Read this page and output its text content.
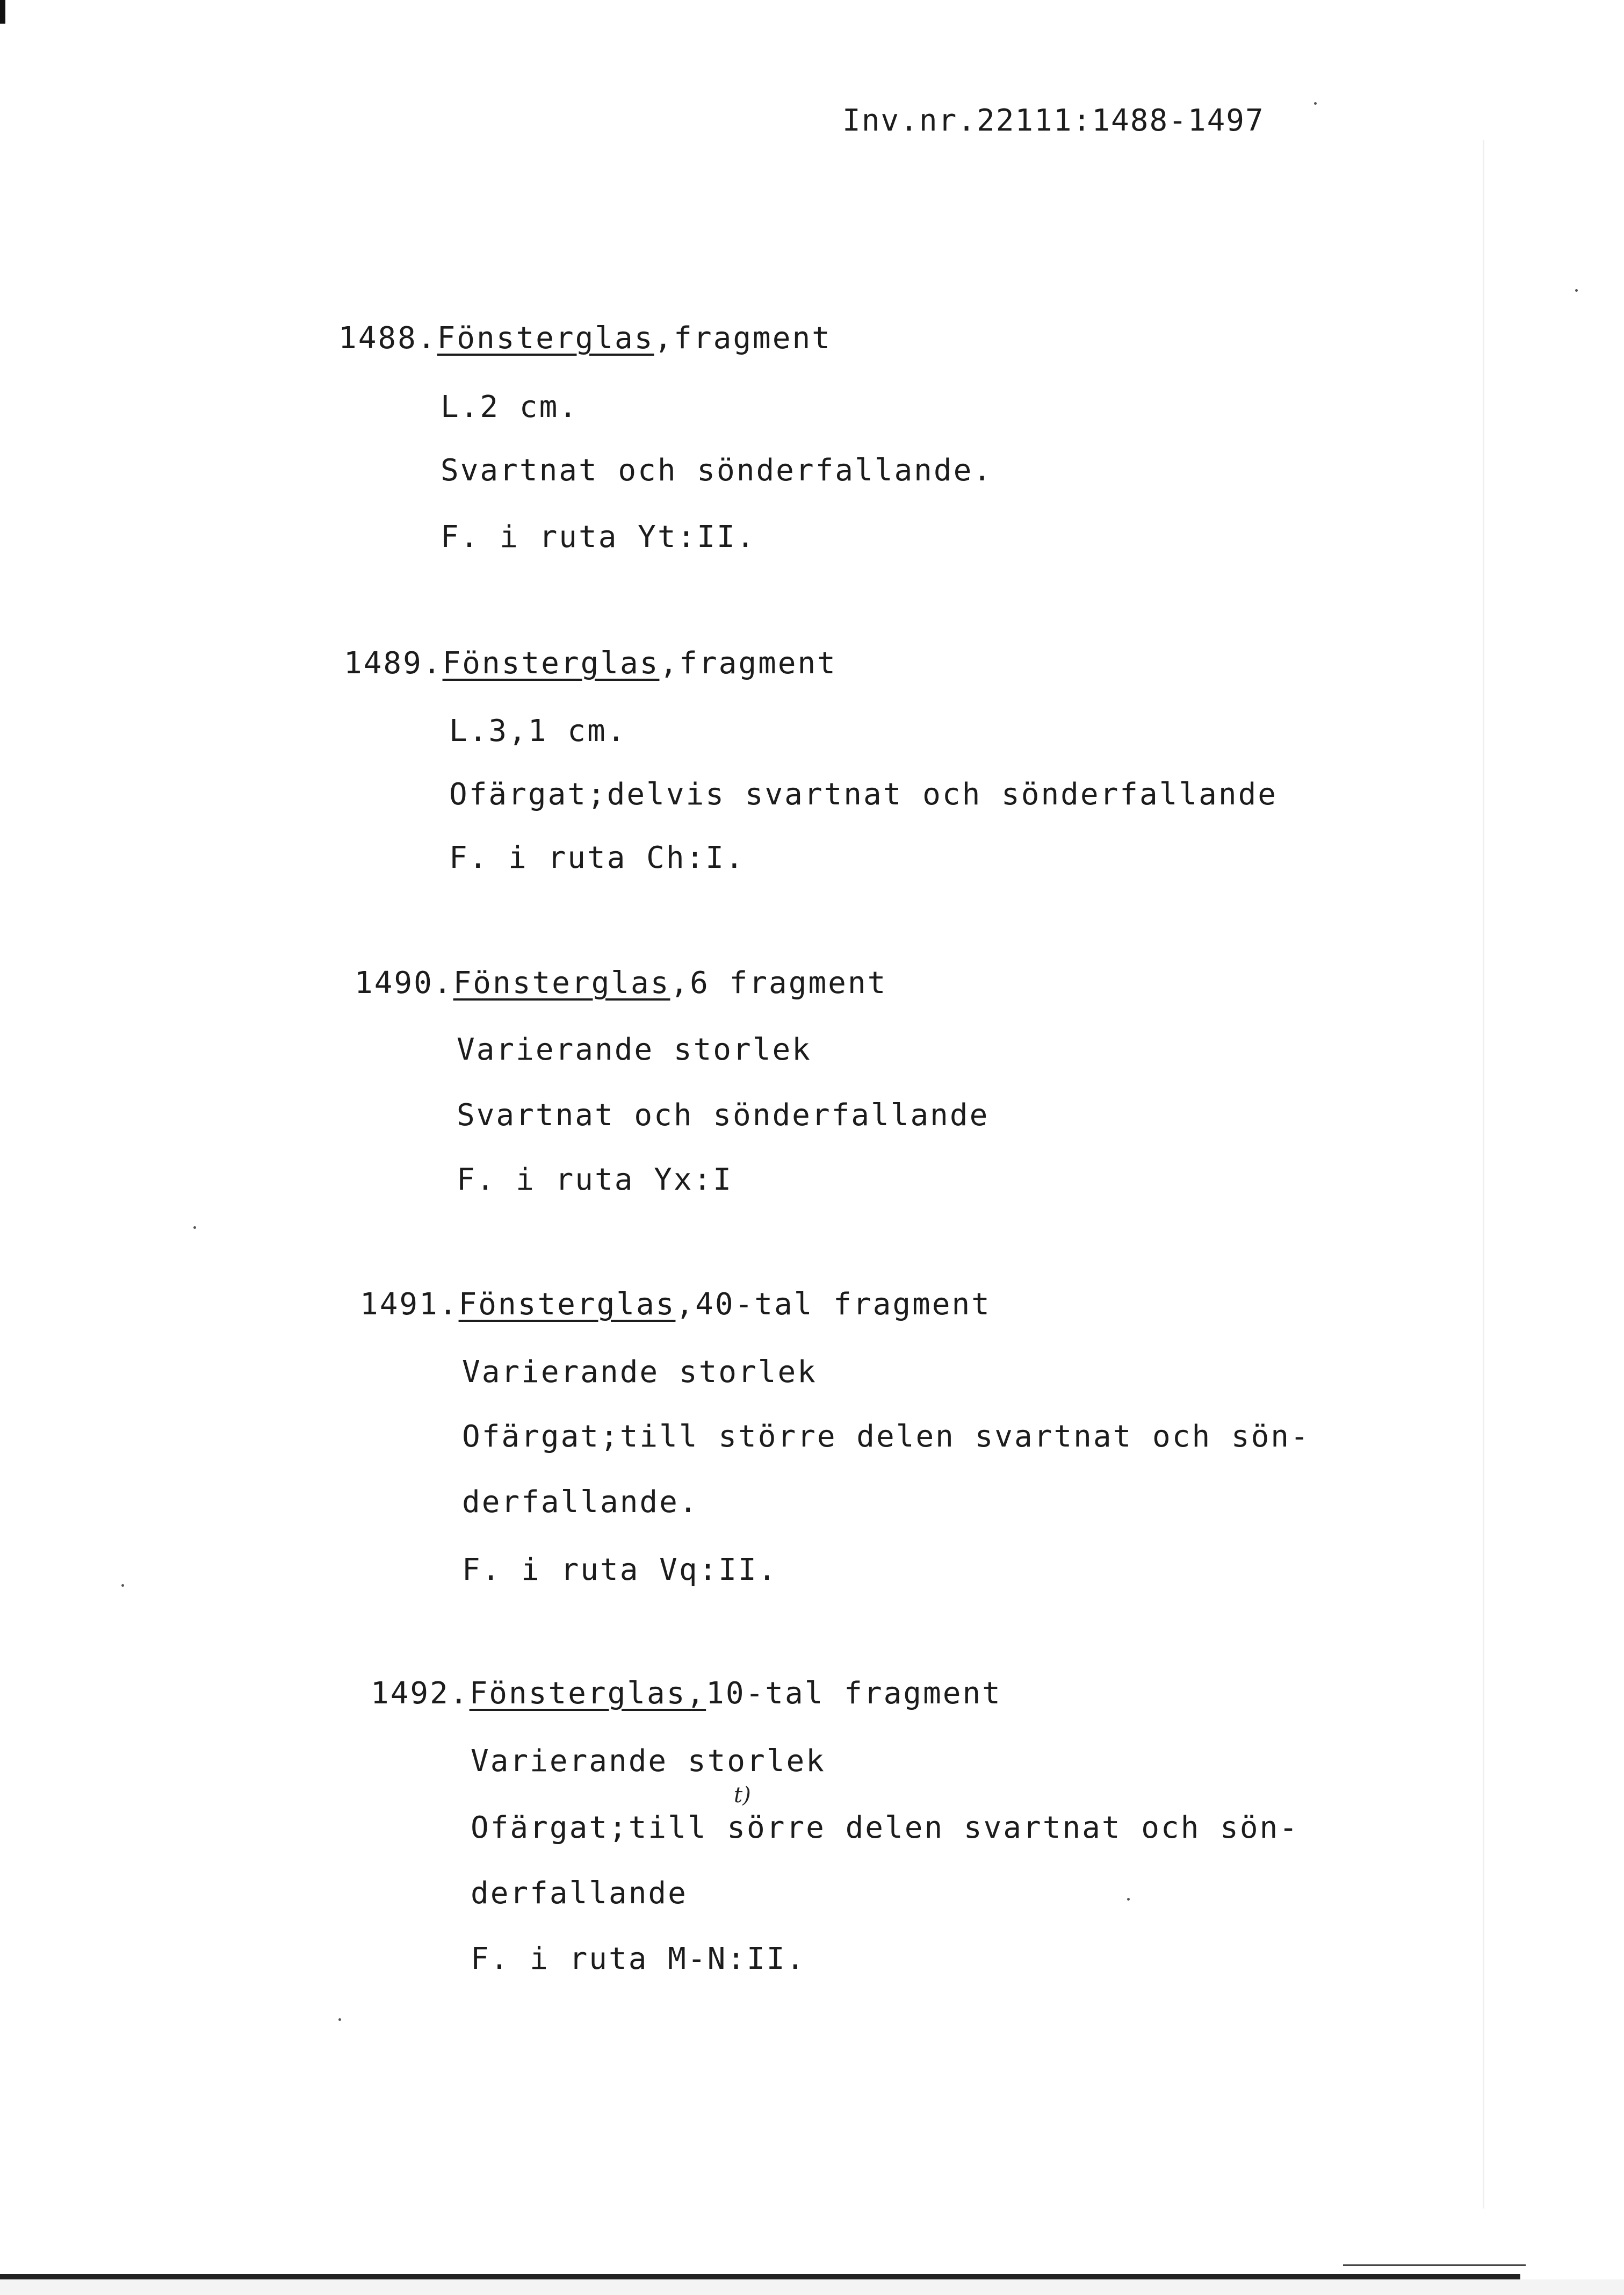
Inv.nr.22111:1488-1497
1488.Fönsterglas,fragment
L.2 cm.
Svartnat och sönderfallande.
F. i ruta Yt:II.
1489.Fönsterglas,fragment
L.3,1 cm.
Ofärgat;delvis svartnat och sönderfallande
F. i ruta Ch:I.
1490.Fönsterglas,6 fragment
Varierande storlek
Svartnat och sönderfallande
F. i ruta Yx:I
1491.Fönsterglas,40-tal fragment
Varierande storlek
Ofärgat;till större delen svartnat och sön-
derfallande.
F. i ruta Vq:II.
1492.Fönsterglas,10-tal fragment
Varierande storlek
t)
Ofärgat;till sörre delen svartnat och sön-
derfallande
F. i ruta M-N:II.
